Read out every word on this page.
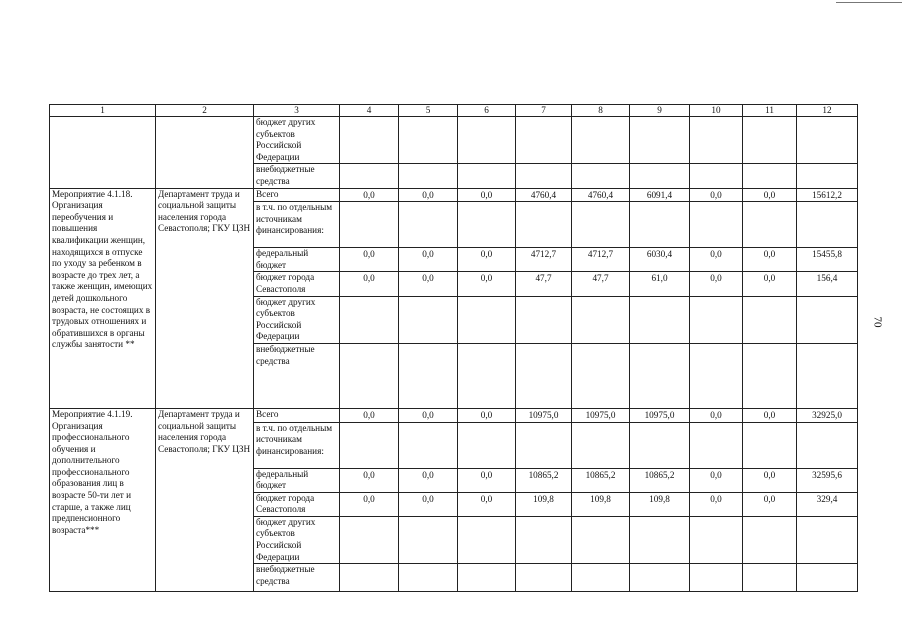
70
1	2	3	4	5	6	7	8	9	10	11	12
		бюджет других субъектов Российской Федерации									
		внебюджетные средства									
Мероприятие 4.1.18. Организация переобучения и повышения квалификации женщин, находящихся в отпуске по уходу за ребенком в возрасте до трех лет, а также женщин, имеющих детей дошкольного возраста, не состоящих в трудовых отношениях и обратившихся в органы службы занятости **	Департамент труда и социальной защиты населения города Севастополя; ГКУ ЦЗН	Всего	0,0	0,0	0,0	4760,4	4760,4	6091,4	0,0	0,0	15612,2
		в т.ч. по отдельным источникам финансирования:									
		федеральный бюджет	0,0	0,0	0,0	4712,7	4712,7	6030,4	0,0	0,0	15455,8
		бюджет города Севастополя	0,0	0,0	0,0	47,7	47,7	61,0	0,0	0,0	156,4
		бюджет других субъектов Российской Федерации									
		внебюджетные средства									
Мероприятие 4.1.19. Организация профессионального обучения и дополнительного профессионального образования лиц в возрасте 50-ти лет и старше, а также лиц предпенсионного возраста***	Департамент труда и социальной защиты населения города Севастополя; ГКУ ЦЗН	Всего	0,0	0,0	0,0	10975,0	10975,0	10975,0	0,0	0,0	32925,0
		в т.ч. по отдельным источникам финансирования:									
		федеральный бюджет	0,0	0,0	0,0	10865,2	10865,2	10865,2	0,0	0,0	32595,6
		бюджет города Севастополя	0,0	0,0	0,0	109,8	109,8	109,8	0,0	0,0	329,4
		бюджет других субъектов Российской Федерации									
		внебюджетные средства									
